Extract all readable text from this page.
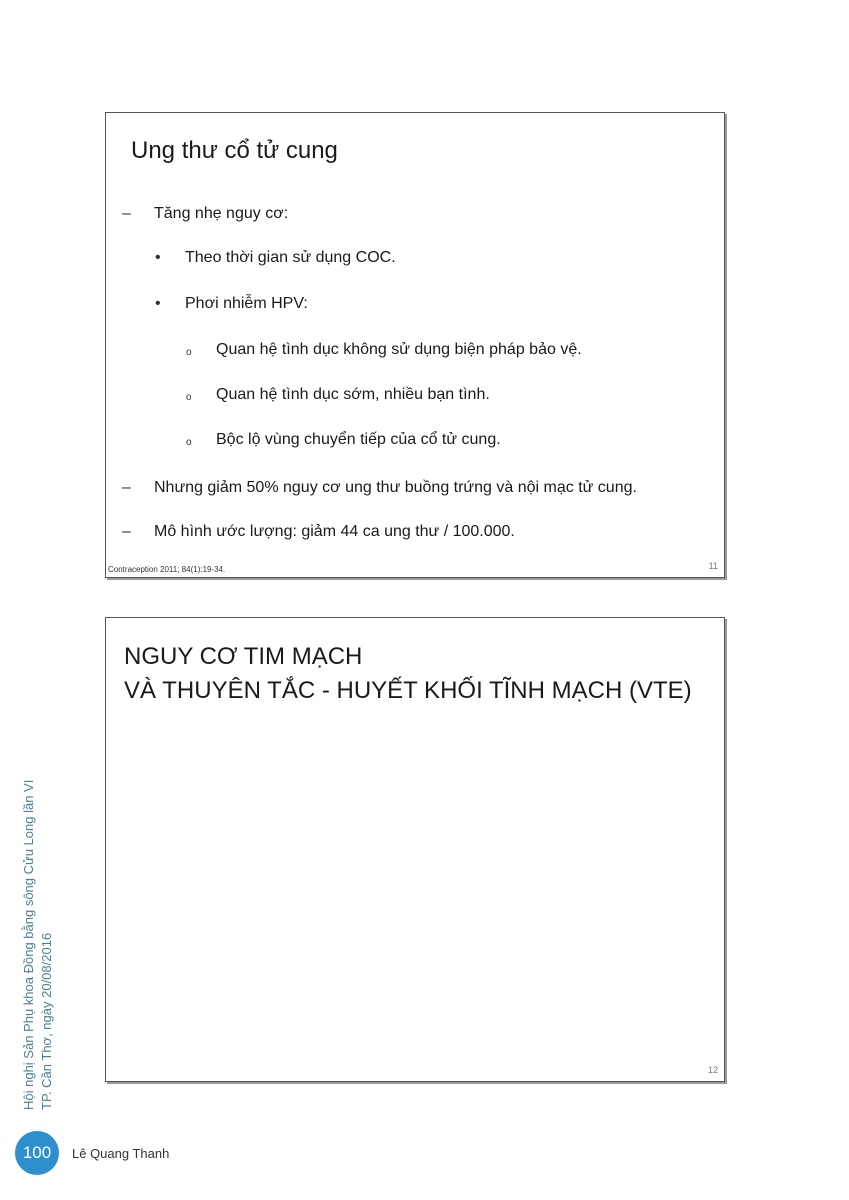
Ung thư cổ tử cung
– Tăng nhẹ nguy cơ:
• Theo thời gian sử dụng COC.
• Phơi nhiễm HPV:
o Quan hệ tình dục không sử dụng biện pháp bảo vệ.
o Quan hệ tình dục sớm, nhiều bạn tình.
o Bộc lộ vùng chuyển tiếp của cổ tử cung.
– Nhưng giảm 50% nguy cơ ung thư buồng trứng và nội mạc tử cung.
– Mô hình ước lượng: giảm 44 ca ung thư / 100.000.
Contraception 2011; 84(1):19-34.	11
NGUY CƠ TIM MẠCH
VÀ THUYÊN TẮC - HUYẾT KHỐI TĨNH MẠCH (VTE)
12
Hội nghị Sản Phụ khoa Đồng bằng sông Cửu Long lần VI TP. Cần Thơ, ngày 20/08/2016
100	Lê Quang Thanh
